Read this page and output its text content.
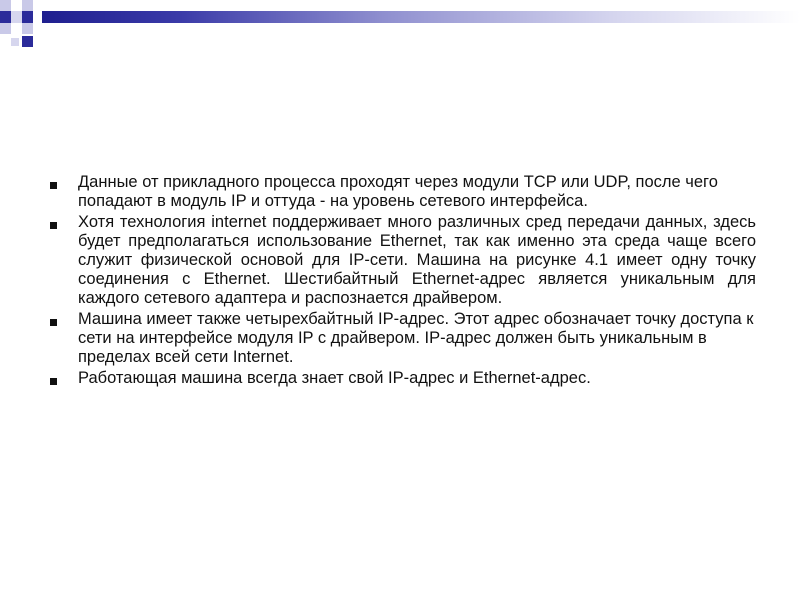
Данные от прикладного процесса проходят через модули TCP или UDP, после чего попадают в модуль IP и оттуда - на уровень сетевого интерфейса.
Хотя технология internet поддерживает много различных сред передачи данных, здесь будет предполагаться использование Ethernet, так как именно эта среда чаще всего служит физической основой для IP-сети. Машина на рисунке 4.1 имеет одну точку соединения с Ethernet. Шестибайтный Ethernet-адрес является уникальным для каждого сетевого адаптера и распознается драйвером.
Машина имеет также четырехбайтный IP-адрес. Этот адрес обозначает точку доступа к сети на интерфейсе модуля IP с драйвером. IP-адрес должен быть уникальным в пределах всей сети Internet.
Работающая машина всегда знает свой IP-адрес и Ethernet-адрес.
